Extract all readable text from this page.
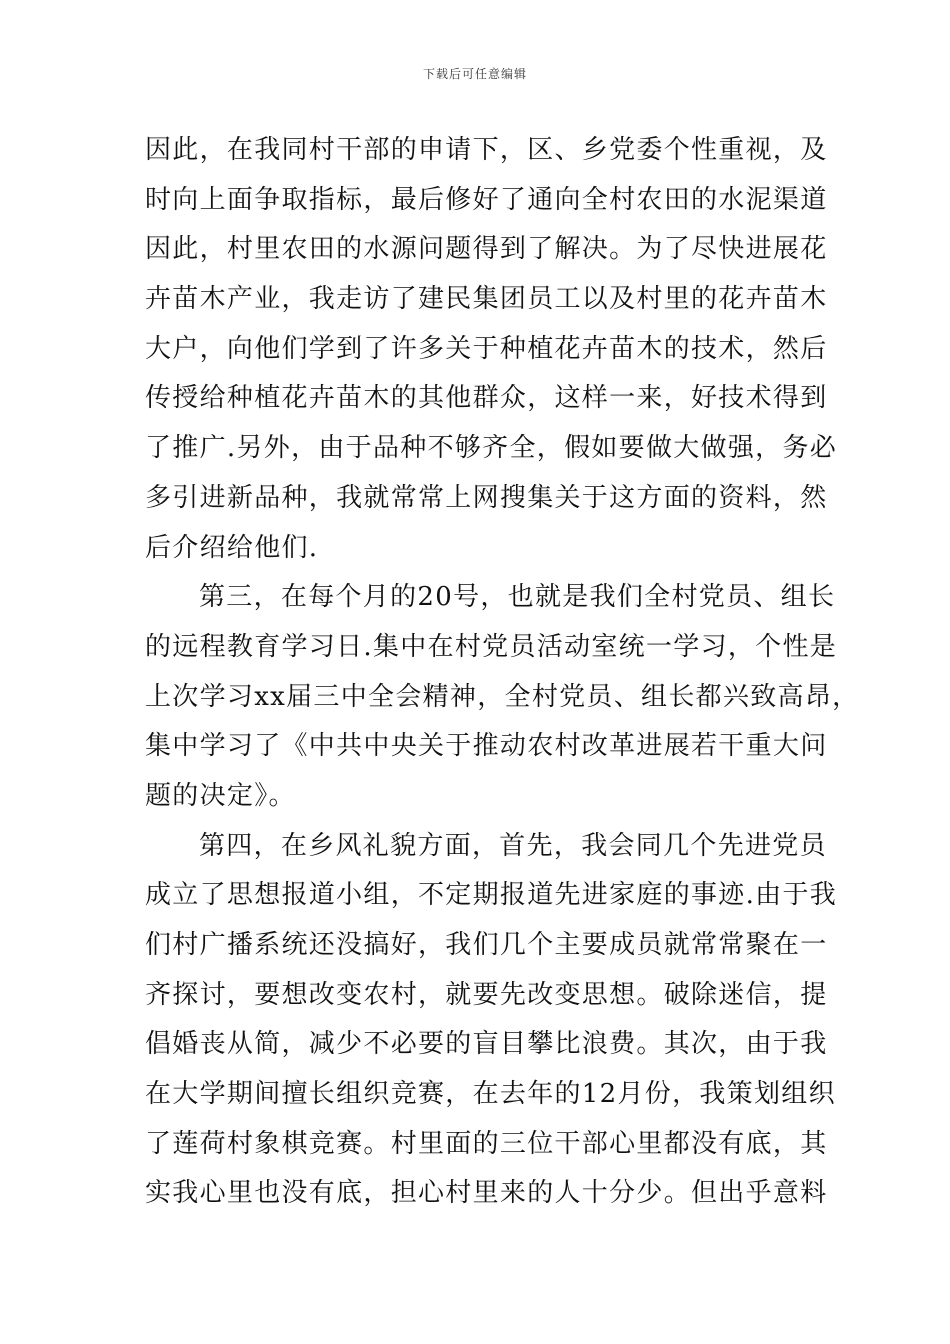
下载后可任意编辑
因此，在我同村干部的申请下，区、乡党委个性重视，及
时向上面争取指标，最后修好了通向全村农田的水泥渠道
因此，村里农田的水源问题得到了解决。为了尽快进展花
卉苗木产业，我走访了建民集团员工以及村里的花卉苗木
大户，向他们学到了许多关于种植花卉苗木的技术，然后
传授给种植花卉苗木的其他群众，这样一来，好技术得到
了推广.另外，由于品种不够齐全，假如要做大做强，务必
多引进新品种，我就常常上网搜集关于这方面的资料，然
后介绍给他们.
第三，在每个月的20号，也就是我们全村党员、组长
的远程教育学习日.集中在村党员活动室统一学习，个性是
上次学习xx届三中全会精神，全村党员、组长都兴致高昂，
集中学习了《中共中央关于推动农村改革进展若干重大问
题的决定》。
第四，在乡风礼貌方面，首先，我会同几个先进党员
成立了思想报道小组，不定期报道先进家庭的事迹.由于我
们村广播系统还没搞好，我们几个主要成员就常常聚在一
齐探讨，要想改变农村，就要先改变思想。破除迷信，提
倡婚丧从简，减少不必要的盲目攀比浪费。其次，由于我
在大学期间擅长组织竞赛，在去年的12月份，我策划组织
了莲荷村象棋竞赛。村里面的三位干部心里都没有底，其
实我心里也没有底，担心村里来的人十分少。但出乎意料
